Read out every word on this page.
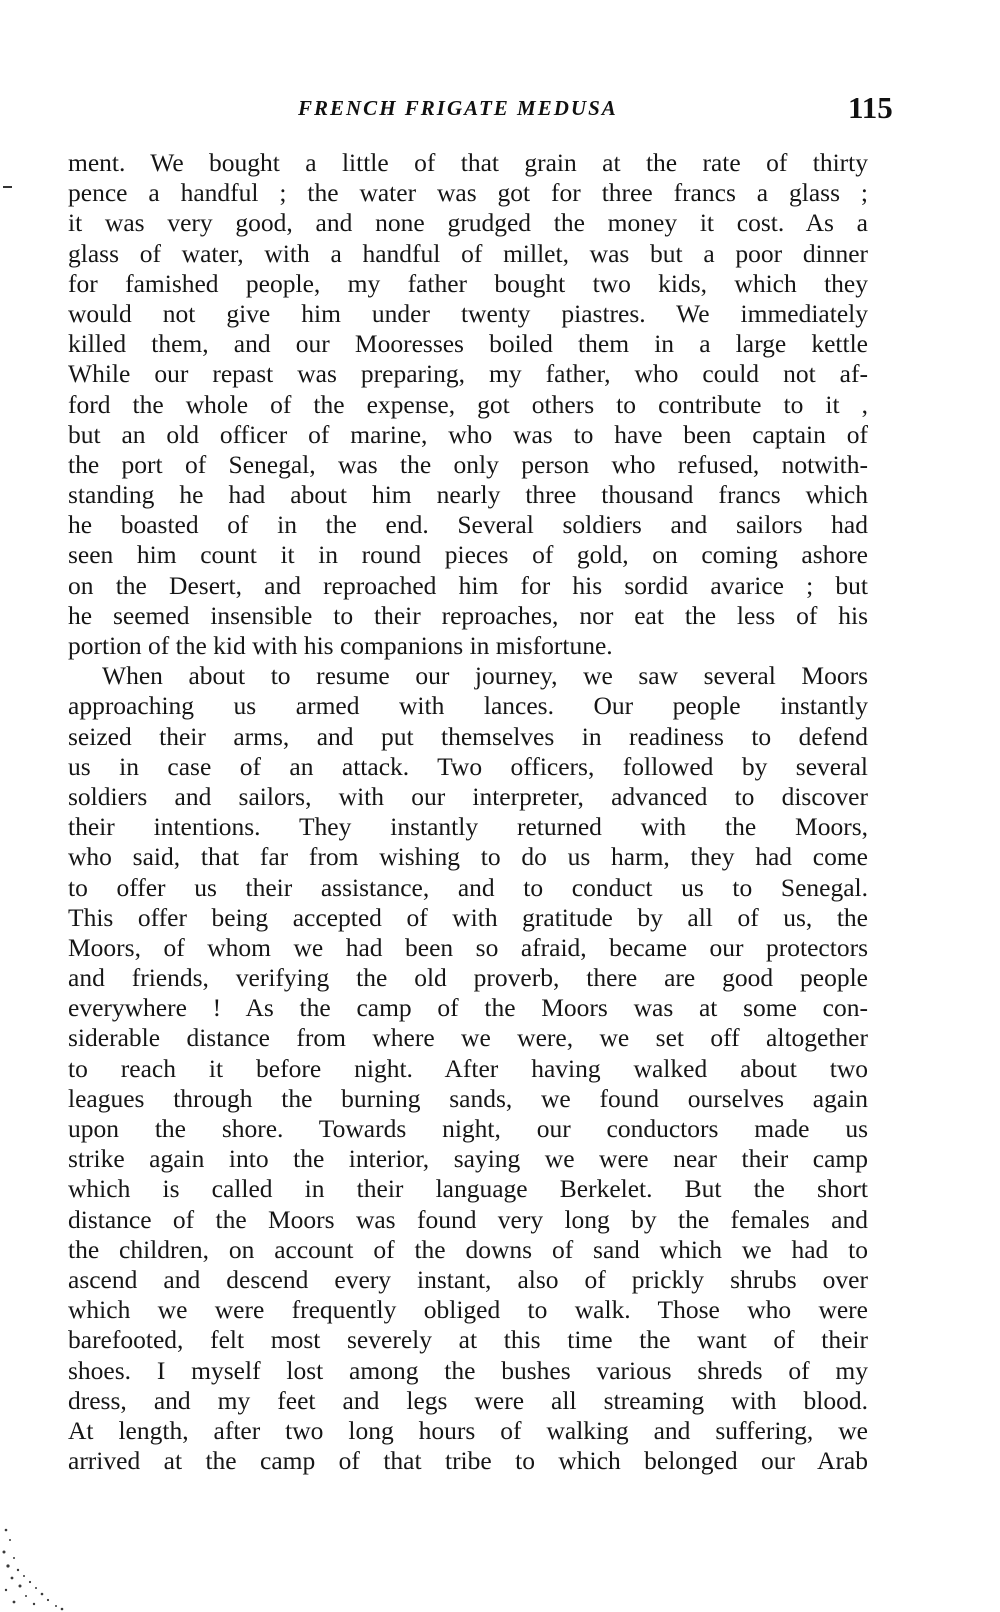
FRENCH FRIGATE MEDUSA	115
ment. We bought a little of that grain at the rate of thirty
pence a handful ; the water was got for three francs a glass ;
it was very good, and none grudged the money it cost. As a
glass of water, with a handful of millet, was but a poor dinner
for famished people, my father bought two kids, which they
would not give him under twenty piastres. We immediately
killed them, and our Mooresses boiled them in a large kettle
While our repast was preparing, my father, who could not af-
ford the whole of the expense, got others to contribute to it ,
but an old officer of marine, who was to have been captain of
the port of Senegal, was the only person who refused, notwith-
standing he had about him nearly three thousand francs which
he boasted of in the end. Several soldiers and sailors had
seen him count it in round pieces of gold, on coming ashore
on the Desert, and reproached him for his sordid avarice ; but
he seemed insensible to their reproaches, nor eat the less of his
portion of the kid with his companions in misfortune.
When about to resume our journey, we saw several Moors
approaching us armed with lances. Our people instantly
seized their arms, and put themselves in readiness to defend
us in case of an attack. Two officers, followed by several
soldiers and sailors, with our interpreter, advanced to discover
their intentions. They instantly returned with the Moors,
who said, that far from wishing to do us harm, they had come
to offer us their assistance, and to conduct us to Senegal.
This offer being accepted of with gratitude by all of us, the
Moors, of whom we had been so afraid, became our protectors
and friends, verifying the old proverb, there are good people
everywhere ! As the camp of the Moors was at some con-
siderable distance from where we were, we set off altogether
to reach it before night. After having walked about two
leagues through the burning sands, we found ourselves again
upon the shore. Towards night, our conductors made us
strike again into the interior, saying we were near their camp
which is called in their language Berkelet. But the short
distance of the Moors was found very long by the females and
the children, on account of the downs of sand which we had to
ascend and descend every instant, also of prickly shrubs over
which we were frequently obliged to walk. Those who were
barefooted, felt most severely at this time the want of their
shoes. I myself lost among the bushes various shreds of my
dress, and my feet and legs were all streaming with blood.
At length, after two long hours of walking and suffering, we
arrived at the camp of that tribe to which belonged our Arab
